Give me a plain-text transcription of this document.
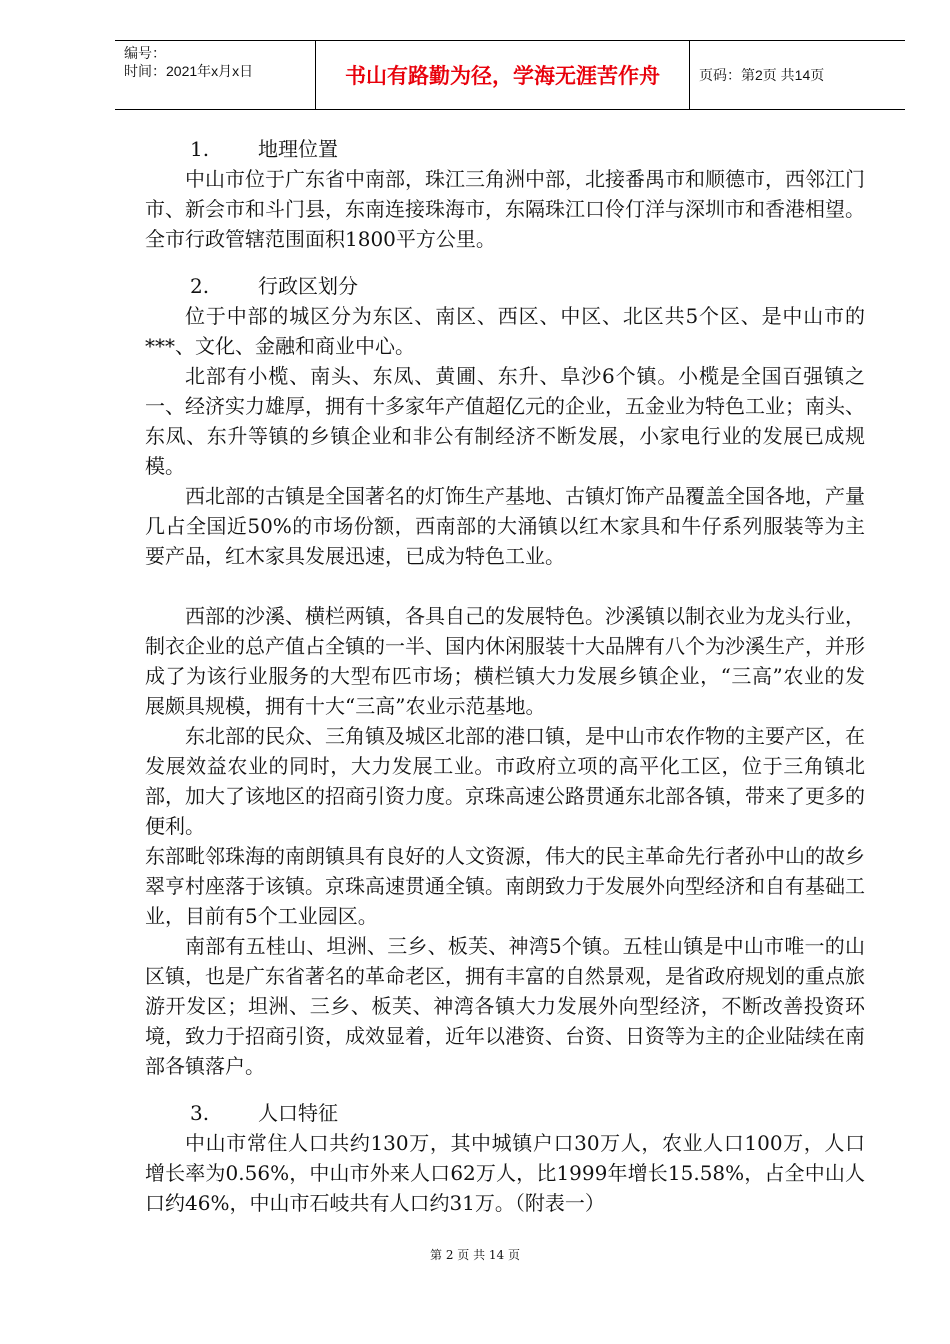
编号：
时间：2021年x月x日	书山有路勤为径，学海无涯苦作舟	页码：第2页 共14页

1. 地理位置

中山市位于广东省中南部，珠江三角洲中部，北接番禺市和顺德市，西邻江门市、新会市和斗门县，东南连接珠海市，东隔珠江口伶仃洋与深圳市和香港相望。全市行政管辖范围面积1800平方公里。

2. 行政区划分

位于中部的城区分为东区、南区、西区、中区、北区共5个区、是中山市的***、文化、金融和商业中心。

北部有小榄、南头、东凤、黄圃、东升、阜沙6个镇。小榄是全国百强镇之一、经济实力雄厚，拥有十多家年产值超亿元的企业，五金业为特色工业；南头、东凤、东升等镇的乡镇企业和非公有制经济不断发展，小家电行业的发展已成规模。

西北部的古镇是全国著名的灯饰生产基地、古镇灯饰产品覆盖全国各地，产量几占全国近50%的市场份额，西南部的大涌镇以红木家具和牛仔系列服装等为主要产品，红木家具发展迅速，已成为特色工业。

西部的沙溪、横栏两镇，各具自己的发展特色。沙溪镇以制衣业为龙头行业，制衣企业的总产值占全镇的一半、国内休闲服装十大品牌有八个为沙溪生产，并形成了为该行业服务的大型布匹市场；横栏镇大力发展乡镇企业，“三高”农业的发展颇具规模，拥有十大“三高”农业示范基地。

东北部的民众、三角镇及城区北部的港口镇，是中山市农作物的主要产区，在发展效益农业的同时，大力发展工业。市政府立项的高平化工区，位于三角镇北部，加大了该地区的招商引资力度。京珠高速公路贯通东北部各镇，带来了更多的便利。

东部毗邻珠海的南朗镇具有良好的人文资源，伟大的民主革命先行者孙中山的故乡翠亨村座落于该镇。京珠高速贯通全镇。南朗致力于发展外向型经济和自有基础工业，目前有5个工业园区。

南部有五桂山、坦洲、三乡、板芙、神湾5个镇。五桂山镇是中山市唯一的山区镇，也是广东省著名的革命老区，拥有丰富的自然景观，是省政府规划的重点旅游开发区；坦洲、三乡、板芙、神湾各镇大力发展外向型经济，不断改善投资环境，致力于招商引资，成效显着，近年以港资、台资、日资等为主的企业陆续在南部各镇落户。

3. 人口特征

中山市常住人口共约130万，其中城镇户口30万人，农业人口100万，人口增长率为0.56%，中山市外来人口62万人，比1999年增长15.58%，占全中山人口约46%，中山市石岐共有人口约31万。（附表一）

第 2 页 共 14 页
